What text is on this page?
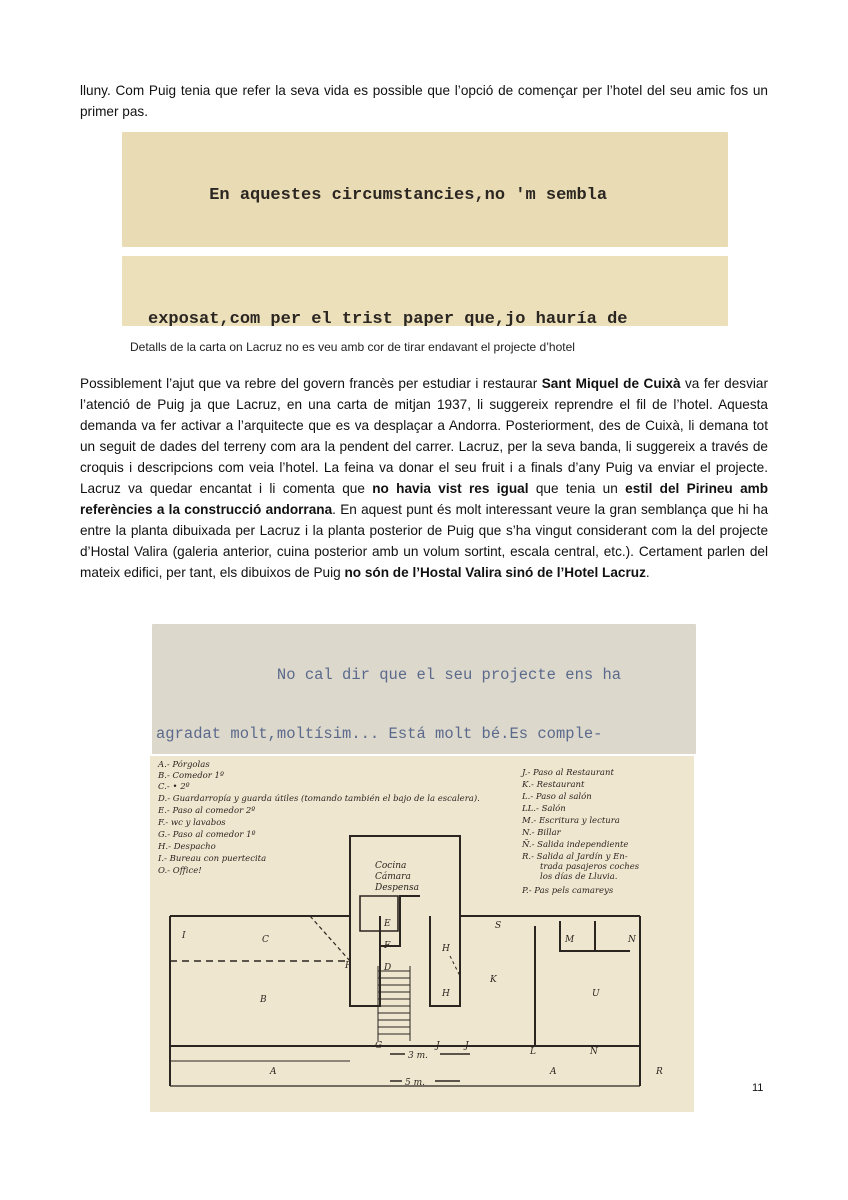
lluny. Com Puig tenia que refer la seva vida es possible que l’opció de començar per l’hotel del seu amic fos un primer pas.

En aquestes circumstancies,no 'm sembla

exposat,com per el trist paper que,jo hauría de

Detalls de la carta on Lacruz no es veu amb cor de tirar endavant el projecte d’hotel

Possiblement l’ajut que va rebre del govern francès per estudiar i restaurar Sant Miquel de Cuixà va fer desviar l’atenció de Puig ja que Lacruz, en una carta de mitjan 1937, li suggereix reprendre el fil de l’hotel. Aquesta demanda va fer activar a l’arquitecte que es va desplaçar a Andorra. Posteriorment, des de Cuixà, li demana tot un seguit de dades del terreny com ara la pendent del carrer. Lacruz, per la seva banda, li suggereix a través de croquis i descripcions com veia l’hotel. La feina va donar el seu fruit i a finals d’any Puig va enviar el projecte. Lacruz va quedar encantat i li comenta que no havia vist res igual que tenia un estil del Pirineu amb referències a la construcció andorrana. En aquest punt és molt interessant veure la gran semblança que hi ha entre la planta dibuixada per Lacruz i la planta posterior de Puig que s’ha vingut considerant com la del projecte d’Hostal Valira (galeria anterior, cuina posterior amb un volum sortint, escala central, etc.). Certament parlen del mateix edifici, per tant, els dibuixos de Puig no són de l’Hostal Valira sinó de l’Hotel Lacruz.

No cal dir que el seu projecte ens ha

agradat molt,moltísim... Está molt bé.Es comple-

A.- Pórgolas
B.- Comedor 1º
C.- • 2º
D.- Guardarropía y guarda útiles (tomando también el bajo de la escalera).
E.- Paso al comedor 2º
F.- wc y lavabos
G.- Paso al comedor 1º
H.- Despacho
I.- Bureau con puertecita
O.- Office!
J.- Paso al Restaurant
K.- Restaurant
L.- Paso al salón
LL.- Salón
M.- Escritura y lectura
N.- Billar
Ñ.- Salida independiente
R.- Salida al Jardín y En-
trada pasajeros coches
los días de Lluvia.
P.- Pas pels camareys
Cocina
Cámara
Despensa
3 m.
5 m.
A
B
C
D
E
F
G
H
J
K
L
M	N
Ñ
A
U
R
S
J
P
I
H
11
